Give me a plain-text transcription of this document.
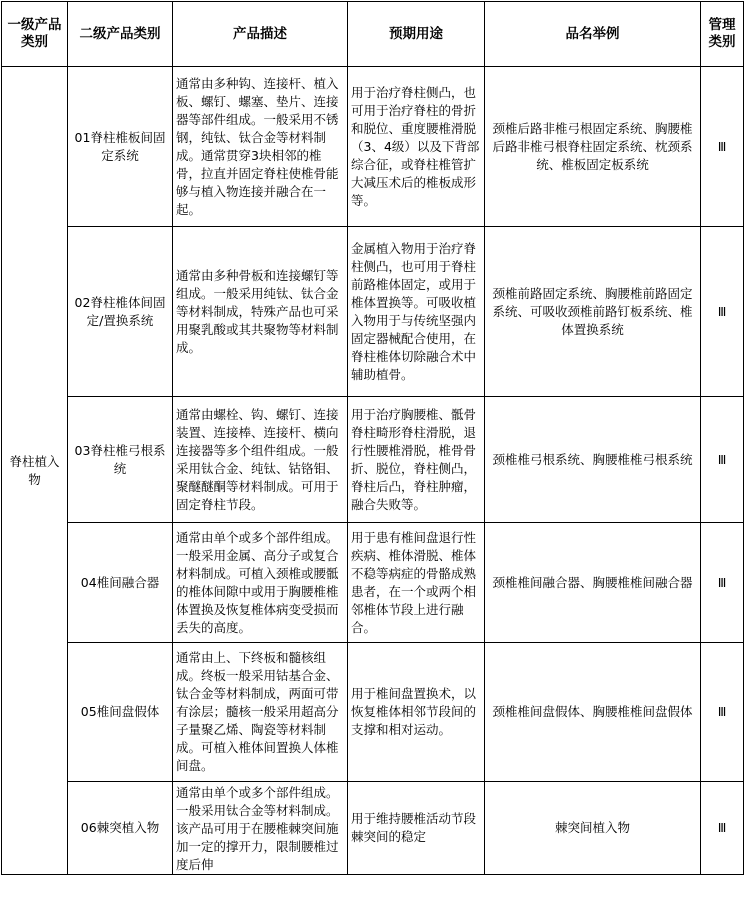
一级产品类别	二级产品类别	产品描述	预期用途	品名举例	管理类别
脊柱植入物	01脊柱椎板间固定系统	通常由多种钩、连接杆、植入板、螺钉、螺塞、垫片、连接器等部件组成。一般采用不锈钢，纯钛、钛合金等材料制成。通常贯穿3块相邻的椎骨，拉直并固定脊柱使椎骨能够与植入物连接并融合在一起。	用于治疗脊柱侧凸，也可用于治疗脊柱的骨折和脱位、重度腰椎滑脱（3、4级）以及下背部综合征，或脊柱椎管扩大减压术后的椎板成形等。	颈椎后路非椎弓根固定系统、胸腰椎后路非椎弓根脊柱固定系统、枕颈系统、椎板固定板系统	Ⅲ
	02脊柱椎体间固定/置换系统	通常由多种骨板和连接螺钉等组成。一般采用纯钛、钛合金等材料制成，特殊产品也可采用聚乳酸或其共聚物等材料制成。	金属植入物用于治疗脊柱侧凸，也可用于脊柱前路椎体固定，或用于椎体置换等。可吸收植入物用于与传统坚强内固定器械配合使用，在脊柱椎体切除融合术中辅助植骨。	颈椎前路固定系统、胸腰椎前路固定系统、可吸收颈椎前路钉板系统、椎体置换系统	Ⅲ
	03脊柱椎弓根系统	通常由螺栓、钩、螺钉、连接装置、连接棒、连接杆、横向连接器等多个组件组成。一般采用钛合金、纯钛、钴铬钼、聚醚醚酮等材料制成。可用于固定脊柱节段。	用于治疗胸腰椎、骶骨脊柱畸形脊柱滑脱，退行性腰椎滑脱，椎骨骨折、脱位，脊柱侧凸，脊柱后凸，脊柱肿瘤，融合失败等。	颈椎椎弓根系统、胸腰椎椎弓根系统	Ⅲ
	04椎间融合器	通常由单个或多个部件组成。一般采用金属、高分子或复合材料制成。可植入颈椎或腰骶的椎体间隙中或用于胸腰椎椎体置换及恢复椎体病变受损而丢失的高度。	用于患有椎间盘退行性疾病、椎体滑脱、椎体不稳等病症的骨骼成熟患者，在一个或两个相邻椎体节段上进行融合。	颈椎椎间融合器、胸腰椎椎间融合器	Ⅲ
	05椎间盘假体	通常由上、下终板和髓核组成。终板一般采用钴基合金、钛合金等材料制成，两面可带有涂层；髓核一般采用超高分子量聚乙烯、陶瓷等材料制成。可植入椎体间置换人体椎间盘。	用于椎间盘置换术，以恢复椎体相邻节段间的支撑和相对运动。	颈椎椎间盘假体、胸腰椎椎间盘假体	Ⅲ
	06棘突植入物	通常由单个或多个部件组成。一般采用钛合金等材料制成。该产品可用于在腰椎棘突间施加一定的撑开力，限制腰椎过度后伸	用于维持腰椎活动节段棘突间的稳定	棘突间植入物	Ⅲ
